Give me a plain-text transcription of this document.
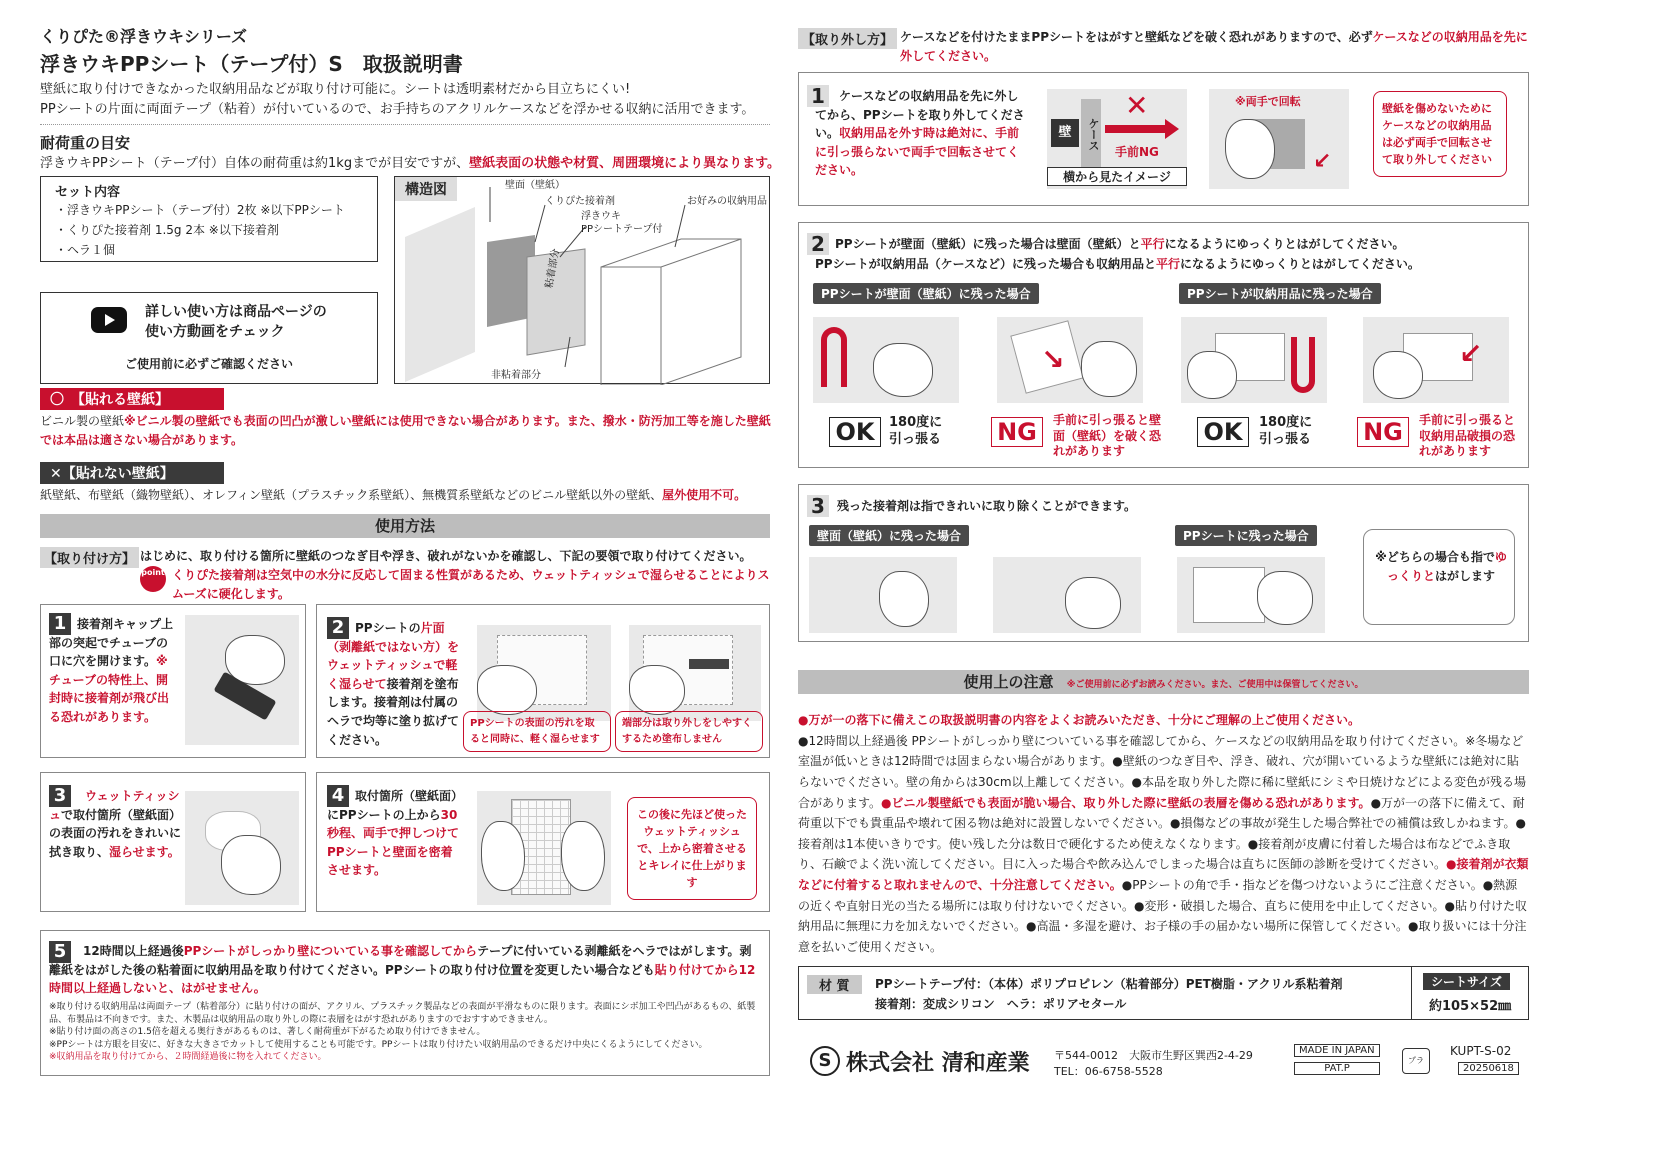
くりぴた®浮きウキシリーズ
浮きウキPPシート（テープ付）S　取扱説明書
壁紙に取り付けできなかった収納用品などが取り付け可能に。シートは透明素材だから目立ちにくい!
PPシートの片面に両面テープ（粘着）が付いているので、お手持ちのアクリルケースなどを浮かせる収納に活用できます。
耐荷重の目安
浮きウキPPシート（テープ付）自体の耐荷重は約1kgまでが目安ですが、壁紙表面の状態や材質、周囲環境により異なります。
セット内容
・浮きウキPPシート（テープ付）2枚 ※以下PPシート
・くりぴた接着剤 1.5g 2本 ※以下接着剤
・ヘラ１個
詳しい使い方は商品ページの
使い方動画をチェック
ご使用前に必ずご確認ください
構造図	壁面（壁紙）
くりぴた接着剤
浮きウキ
PPシートテープ付
お好みの収納用品
粘着部分
非粘着部分
〇　【貼れる壁紙】
ビニル製の壁紙※ビニル製の壁紙でも表面の凹凸が激しい壁紙には使用できない場合があります。また、撥水・防汚加工等を施した壁紙では本品は適さない場合があります。
✕【貼れない壁紙】
紙壁紙、布壁紙（織物壁紙）、オレフィン壁紙（プラスチック系壁紙）、無機質系壁紙などのビニル壁紙以外の壁紙、屋外使用不可。
使用方法
【取り付け方】 はじめに、取り付ける箇所に壁紙のつなぎ目や浮き、破れがないかを確認し、下記の要領で取り付けてください。
point くりぴた接着剤は空気中の水分に反応して固まる性質があるため、ウェットティッシュで湿らせることによりスムーズに硬化します。
1 接着剤キャップ上部の突起でチューブの口に穴を開けます。※チューブの特性上、開封時に接着剤が飛び出る恐れがあります。
2 PPシートの片面（剥離紙ではない方）をウェットティッシュで軽く湿らせて接着剤を塗布します。接着剤は付属のヘラで均等に塗り拡げてください。
PPシートの表面の汚れを取ると同時に、軽く湿らせます
端部分は取り外しをしやすくするため塗布しません
3	ウェットティッシュで取付箇所（壁紙面）の表面の汚れをきれいに拭き取り、湿らせます。
4 取付箇所（壁紙面）にPPシートの上から30秒程、両手で押しつけてPPシートと壁面を密着させます。
この後に先ほど使ったウェットティッシュで、上から密着させるとキレイに仕上がります
5	12時間以上経過後PPシートがしっかり壁についている事を確認してからテープに付いている剥離紙をヘラではがします。剥離紙をはがした後の粘着面に収納用品を取り付けてください。PPシートの取り付け位置を変更したい場合なども貼り付けてから12時間以上経過しないと、はがせません。
※取り付ける収納用品は両面テープ（粘着部分）に貼り付けの面が、アクリル、プラスチック製品などの表面が平滑なものに限ります。表面にシボ加工や凹凸があるもの、紙製品、布製品は不向きです。また、木製品は収納用品の取り外しの際に表層をはがす恐れがありますのでおすすめできません。
※貼り付け面の高さの1.5倍を超える奥行きがあるものは、著しく耐荷重が下がるため取り付けできません。
※PPシートは方眼を目安に、好きな大きさでカットして使用することも可能です。PPシートは取り付けたい収納用品のできるだけ中央にくるようにしてください。
※収納用品を取り付けてから、２時間経過後に物を入れてください。
【取り外し方】 ケースなどを付けたままPPシートをはがすと壁紙などを破く恐れがありますので、必ずケースなどの収納用品を先に外してください。
1	ケースなどの収納用品を先に外してから、PPシートを取り外してください。収納用品を外す時は絶対に、手前に引っ張らないで両手で回転させてください。
壁	ケース
✕
手前NG
横から見たイメージ
※両手で回転
↙
壁紙を傷めないためにケースなどの収納用品は必ず両手で回転させて取り外してください
2 PPシートが壁面（壁紙）に残った場合は壁面（壁紙）と平行になるようにゆっくりとはがしてください。
PPシートが収納用品（ケースなど）に残った場合も収納用品と平行になるようにゆっくりとはがしてください。
PPシートが壁面（壁紙）に残った場合	PPシートが収納用品に残った場合
↘	↙
OK	180度に引っ張る	NG	手前に引っ張ると壁面（壁紙）を破く恐れがあります
OK	180度に引っ張る	NG	手前に引っ張ると収納用品破損の恐れがあります
3	残った接着剤は指できれいに取り除くことができます。
壁面（壁紙）に残った場合	PPシートに残った場合
※どちらの場合も指でゆっくりとはがします
使用上の注意 ※ご使用前に必ずお読みください。また、ご使用中は保管してください。
●万が一の落下に備えこの取扱説明書の内容をよくお読みいただき、十分にご理解の上ご使用ください。
●12時間以上経過後 PPシートがしっかり壁についている事を確認してから、ケースなどの収納用品を取り付けてください。※冬場など室温が低いときは12時間では固まらない場合があります。●壁紙のつなぎ目や、浮き、破れ、穴が開いているような壁紙には絶対に貼らないでください。壁の角からは30cm以上離してください。●本品を取り外した際に稀に壁紙にシミや日焼けなどによる変色が残る場合があります。●ビニル製壁紙でも表面が脆い場合、取り外した際に壁紙の表層を傷める恐れがあります。●万が一の落下に備えて、耐荷重以下でも貴重品や壊れて困る物は絶対に設置しないでください。●損傷などの事故が発生した場合弊社での補償は致しかねます。●接着剤は1本使いきりです。使い残した分は数日で硬化するため使えなくなります。●接着剤が皮膚に付着した場合は布などでふき取り、石鹸でよく洗い流してください。目に入った場合や飲み込んでしまった場合は直ちに医師の診断を受けてください。●接着剤が衣類などに付着すると取れませんので、十分注意してください。●PPシートの角で手・指などを傷つけないようにご注意ください。●熱源の近くや直射日光の当たる場所には取り付けないでください。●変形・破損した場合、直ちに使用を中止してください。●貼り付けた収納用品に無理に力を加えないでください。●高温・多湿を避け、お子様の手の届かない場所に保管してください。●取り扱いには十分注意を払いご使用ください。
材 質	PPシートテープ付：（本体）ポリプロピレン（粘着部分）PET樹脂・アクリル系粘着剤
接着剤：変成シリコン　ヘラ：ポリアセタール
シートサイズ
約105×52㎜
S 株式会社 清和産業 〒544-0012　大阪市生野区巽西2-4-29
TEL：06-6758-5528
MADE IN JAPAN
PAT.P
プラ
KUPT-S-02
20250618
